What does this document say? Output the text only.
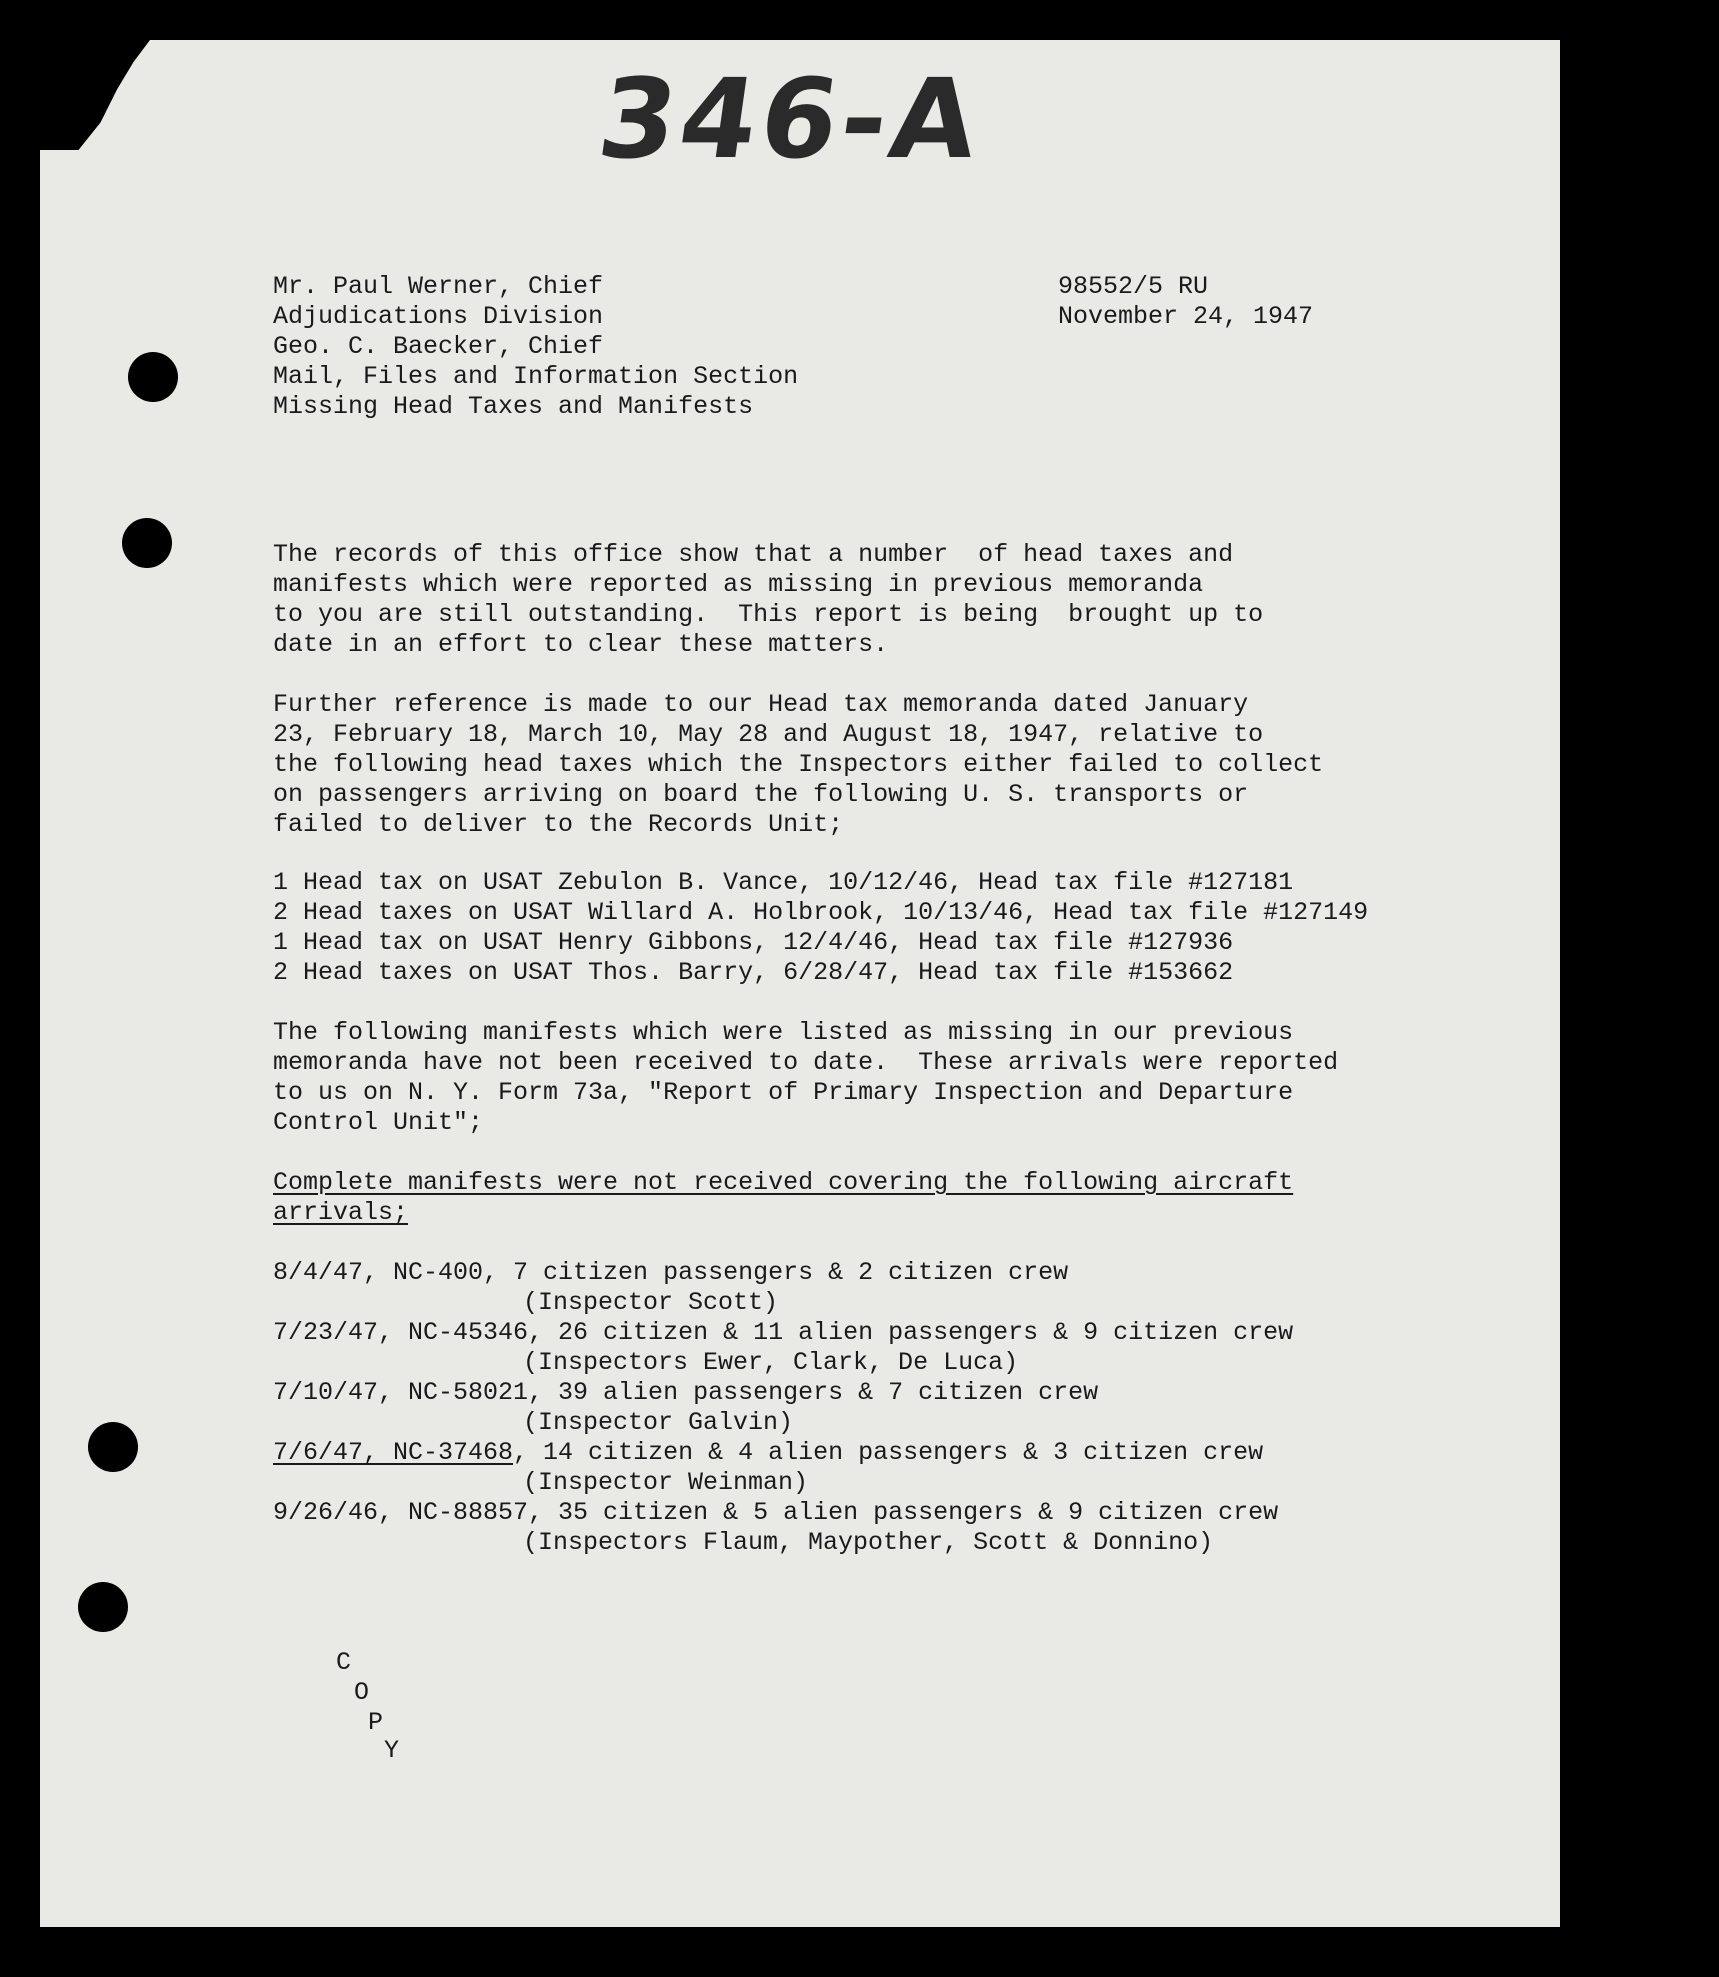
346-A

Mr. Paul Werner, Chief

Adjudications Division

Geo. C. Baecker, Chief

Mail, Files and Information Section

Missing Head Taxes and Manifests

98552/5 RU

November 24, 1947

The records of this office show that a number  of head taxes and

manifests which were reported as missing in previous memoranda

to you are still outstanding.  This report is being  brought up to

date in an effort to clear these matters.

Further reference is made to our Head tax memoranda dated January

23, February 18, March 10, May 28 and August 18, 1947, relative to

the following head taxes which the Inspectors either failed to collect

on passengers arriving on board the following U. S. transports or

failed to deliver to the Records Unit;

1 Head tax on USAT Zebulon B. Vance, 10/12/46, Head tax file #127181

2 Head taxes on USAT Willard A. Holbrook, 10/13/46, Head tax file #127149

1 Head tax on USAT Henry Gibbons, 12/4/46, Head tax file #127936

2 Head taxes on USAT Thos. Barry, 6/28/47, Head tax file #153662

The following manifests which were listed as missing in our previous

memoranda have not been received to date.  These arrivals were reported

to us on N. Y. Form 73a, "Report of Primary Inspection and Departure

Control Unit";

Complete manifests were not received covering the following aircraft

arrivals;

8/4/47, NC-400, 7 citizen passengers & 2 citizen crew

(Inspector Scott)

7/23/47, NC-45346, 26 citizen & 11 alien passengers & 9 citizen crew

(Inspectors Ewer, Clark, De Luca)

7/10/47, NC-58021, 39 alien passengers & 7 citizen crew

(Inspector Galvin)

7/6/47, NC-37468, 14 citizen & 4 alien passengers & 3 citizen crew

(Inspector Weinman)

9/26/46, NC-88857, 35 citizen & 5 alien passengers & 9 citizen crew

(Inspectors Flaum, Maypother, Scott & Donnino)

C
O
P
Y
